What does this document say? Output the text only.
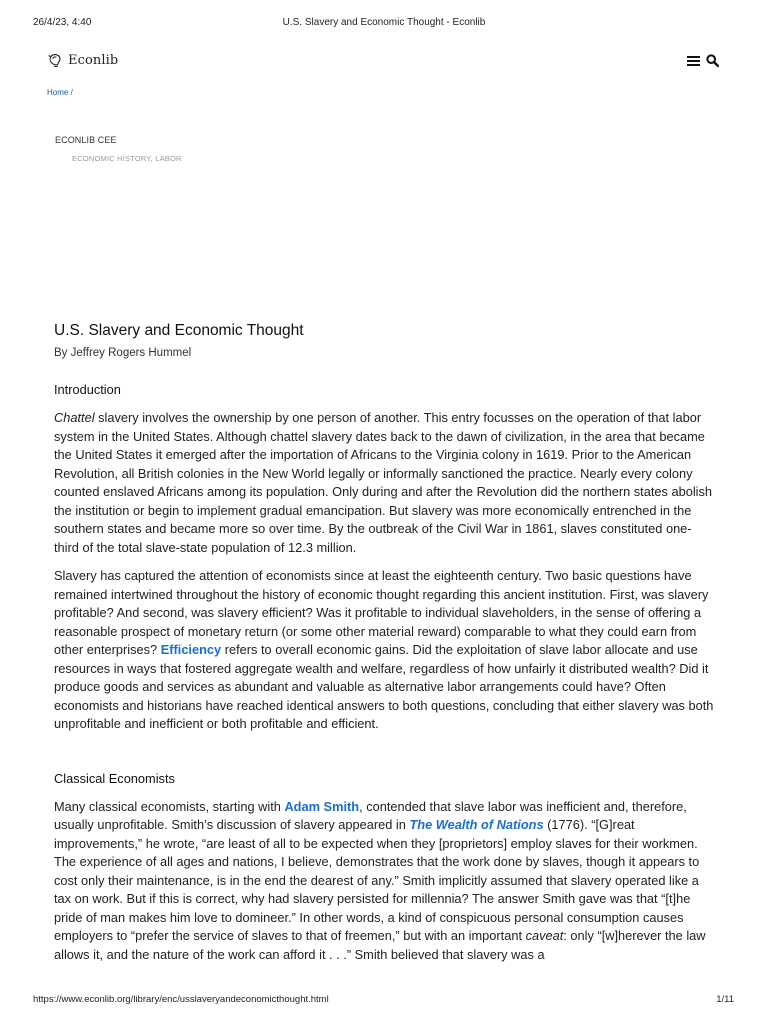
26/4/23, 4:40	U.S. Slavery and Economic Thought - Econlib
Econlib
Home /
ECONLIB CEE
ECONOMIC HISTORY, LABOR
U.S. Slavery and Economic Thought
By Jeffrey Rogers Hummel
Introduction

Chattel slavery involves the ownership by one person of another. This entry focusses on the operation of that labor system in the United States. Although chattel slavery dates back to the dawn of civilization, in the area that became the United States it emerged after the importation of Africans to the Virginia colony in 1619. Prior to the American Revolution, all British colonies in the New World legally or informally sanctioned the practice. Nearly every colony counted enslaved Africans among its population. Only during and after the Revolution did the northern states abolish the institution or begin to implement gradual emancipation. But slavery was more economically entrenched in the southern states and became more so over time. By the outbreak of the Civil War in 1861, slaves constituted one-third of the total slave-state population of 12.3 million.

Slavery has captured the attention of economists since at least the eighteenth century. Two basic questions have remained intertwined throughout the history of economic thought regarding this ancient institution. First, was slavery profitable? And second, was slavery efficient? Was it profitable to individual slaveholders, in the sense of offering a reasonable prospect of monetary return (or some other material reward) comparable to what they could earn from other enterprises? Efficiency refers to overall economic gains. Did the exploitation of slave labor allocate and use resources in ways that fostered aggregate wealth and welfare, regardless of how unfairly it distributed wealth? Did it produce goods and services as abundant and valuable as alternative labor arrangements could have? Often economists and historians have reached identical answers to both questions, concluding that either slavery was both unprofitable and inefficient or both profitable and efficient.

Classical Economists

Many classical economists, starting with Adam Smith, contended that slave labor was inefficient and, therefore, usually unprofitable. Smith’s discussion of slavery appeared in The Wealth of Nations (1776). “[G]reat improvements,” he wrote, “are least of all to be expected when they [proprietors] employ slaves for their workmen. The experience of all ages and nations, I believe, demonstrates that the work done by slaves, though it appears to cost only their maintenance, is in the end the dearest of any.” Smith implicitly assumed that slavery operated like a tax on work. But if this is correct, why had slavery persisted for millennia? The answer Smith gave was that “[t]he pride of man makes him love to domineer.” In other words, a kind of conspicuous personal consumption causes employers to “prefer the service of slaves to that of freemen,” but with an important caveat: only “[w]herever the law allows it, and the nature of the work can afford it . . .” Smith believed that slavery was a

https://www.econlib.org/library/enc/usslaveryandeconomicthought.html	1/11
